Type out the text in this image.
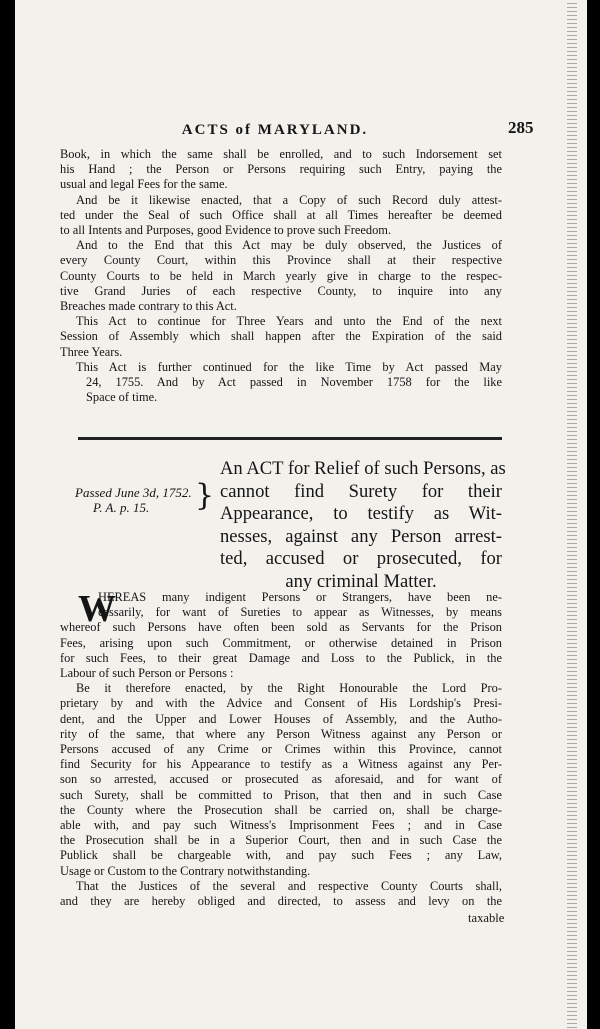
ACTS of MARYLAND.	285
Book, in which the same shall be enrolled, and to such Indorsement set
his Hand ; the Person or Persons requiring such Entry, paying the
usual and legal Fees for the same.
And be it likewise enacted, that a Copy of such Record duly attest-
ted under the Seal of such Office shall at all Times hereafter be deemed
to all Intents and Purposes, good Evidence to prove such Freedom.
And to the End that this Act may be duly observed, the Justices of
every County Court, within this Province shall at their respective
County Courts to be held in March yearly give in charge to the respec-
tive Grand Juries of each respective County, to inquire into any
Breaches made contrary to this Act.
This Act to continue for Three Years and unto the End of the next
Session of Assembly which shall happen after the Expiration of the said
Three Years.
This Act is further continued for the like Time by Act passed May
24, 1755. And by Act passed in November 1758 for the like
Space of time.
An ACT for Relief of such Persons, as
cannot find Surety for their
Appearance, to testify as Wit-
nesses, against any Person arrest-
ted, accused or prosecuted, for
any criminal Matter.
Passed June 3d, 1752.
P. A. p. 15.	}
W
HEREAS many indigent Persons or Strangers, have been ne-
cessarily, for want of Sureties to appear as Witnesses, by means
whereof such Persons have often been sold as Servants for the Prison
Fees, arising upon such Commitment, or otherwise detained in Prison
for such Fees, to their great Damage and Loss to the Publick, in the
Labour of such Person or Persons :
Be it therefore enacted, by the Right Honourable the Lord Pro-
prietary by and with the Advice and Consent of His Lordship's Presi-
dent, and the Upper and Lower Houses of Assembly, and the Autho-
rity of the same, that where any Person Witness against any Person or
Persons accused of any Crime or Crimes within this Province, cannot
find Security for his Appearance to testify as a Witness against any Per-
son so arrested, accused or prosecuted as aforesaid, and for want of
such Surety, shall be committed to Prison, that then and in such Case
the County where the Prosecution shall be carried on, shall be charge-
able with, and pay such Witness's Imprisonment Fees ; and in Case
the Prosecution shall be in a Superior Court, then and in such Case the
Publick shall be chargeable with, and pay such Fees ; any Law,
Usage or Custom to the Contrary notwithstanding.
That the Justices of the several and respective County Courts shall,
and they are hereby obliged and directed, to assess and levy on the
taxable
